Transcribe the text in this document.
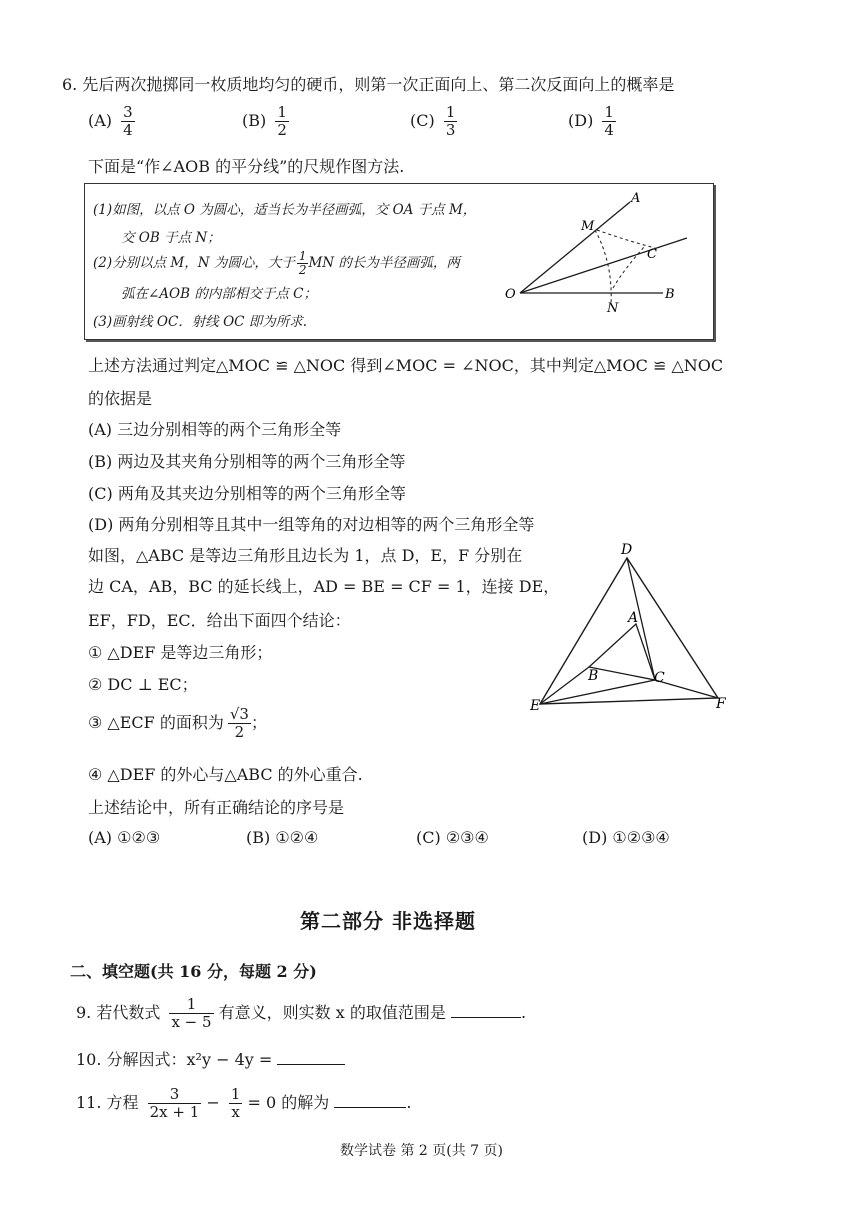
6. 先后两次抛掷同一枚质地均匀的硬币，则第一次正面向上、第二次反面向上的概率是
$(A) \frac{3}{4}$	$(B) \frac{1}{2}$	$(C) \frac{1}{3}$	$(D) \frac{1}{4}$
下面是“作∠AOB 的平分线”的尺规作图方法.
(1)如图，以点 O 为圆心，适当长为半径画弧，交 OA 于点 M，
交 OB 于点 N；
(2)分别以点 M，N 为圆心，大于 $\frac{1}{2}$ MN 的长为半径画弧，两
弧在∠AOB 的内部相交于点 C；
(3)画射线 OC．射线 OC 即为所求.
A
M
C
O
N
B
上述方法通过判定△MOC ≌ △NOC 得到∠MOC = ∠NOC，其中判定△MOC ≌ △NOC
的依据是
(A) 三边分别相等的两个三角形全等
(B) 两边及其夹角分别相等的两个三角形全等
(C) 两角及其夹边分别相等的两个三角形全等
(D) 两角分别相等且其中一组等角的对边相等的两个三角形全等
如图，△ABC 是等边三角形且边长为 1，点 D，E，F 分别在
边 CA，AB，BC 的延长线上，AD = BE = CF = 1，连接 DE，
EF，FD，EC．给出下面四个结论：
① △DEF 是等边三角形；
② DC ⊥ EC；
③ △ECF 的面积为 $\frac{√3}{2}$ ；
④ △DEF 的外心与△ABC 的外心重合.
上述结论中，所有正确结论的序号是
(A) ①②③	(B) ①②④	(C) ②③④	(D) ①②③④
D
A
B	C
E	F
第二部分 非选择题
二、填空题(共 16 分，每题 2 分)
9. 若代数式 $\frac{1}{x - 5}$ 有意义，则实数 x 的取值范围是	.
10. 分解因式：x²y − 4y =
11. 方程 $\frac{3}{2x + 1} - \frac{1}{x} = 0$ 的解为	.
数学试卷 第 2 页(共 7 页)
